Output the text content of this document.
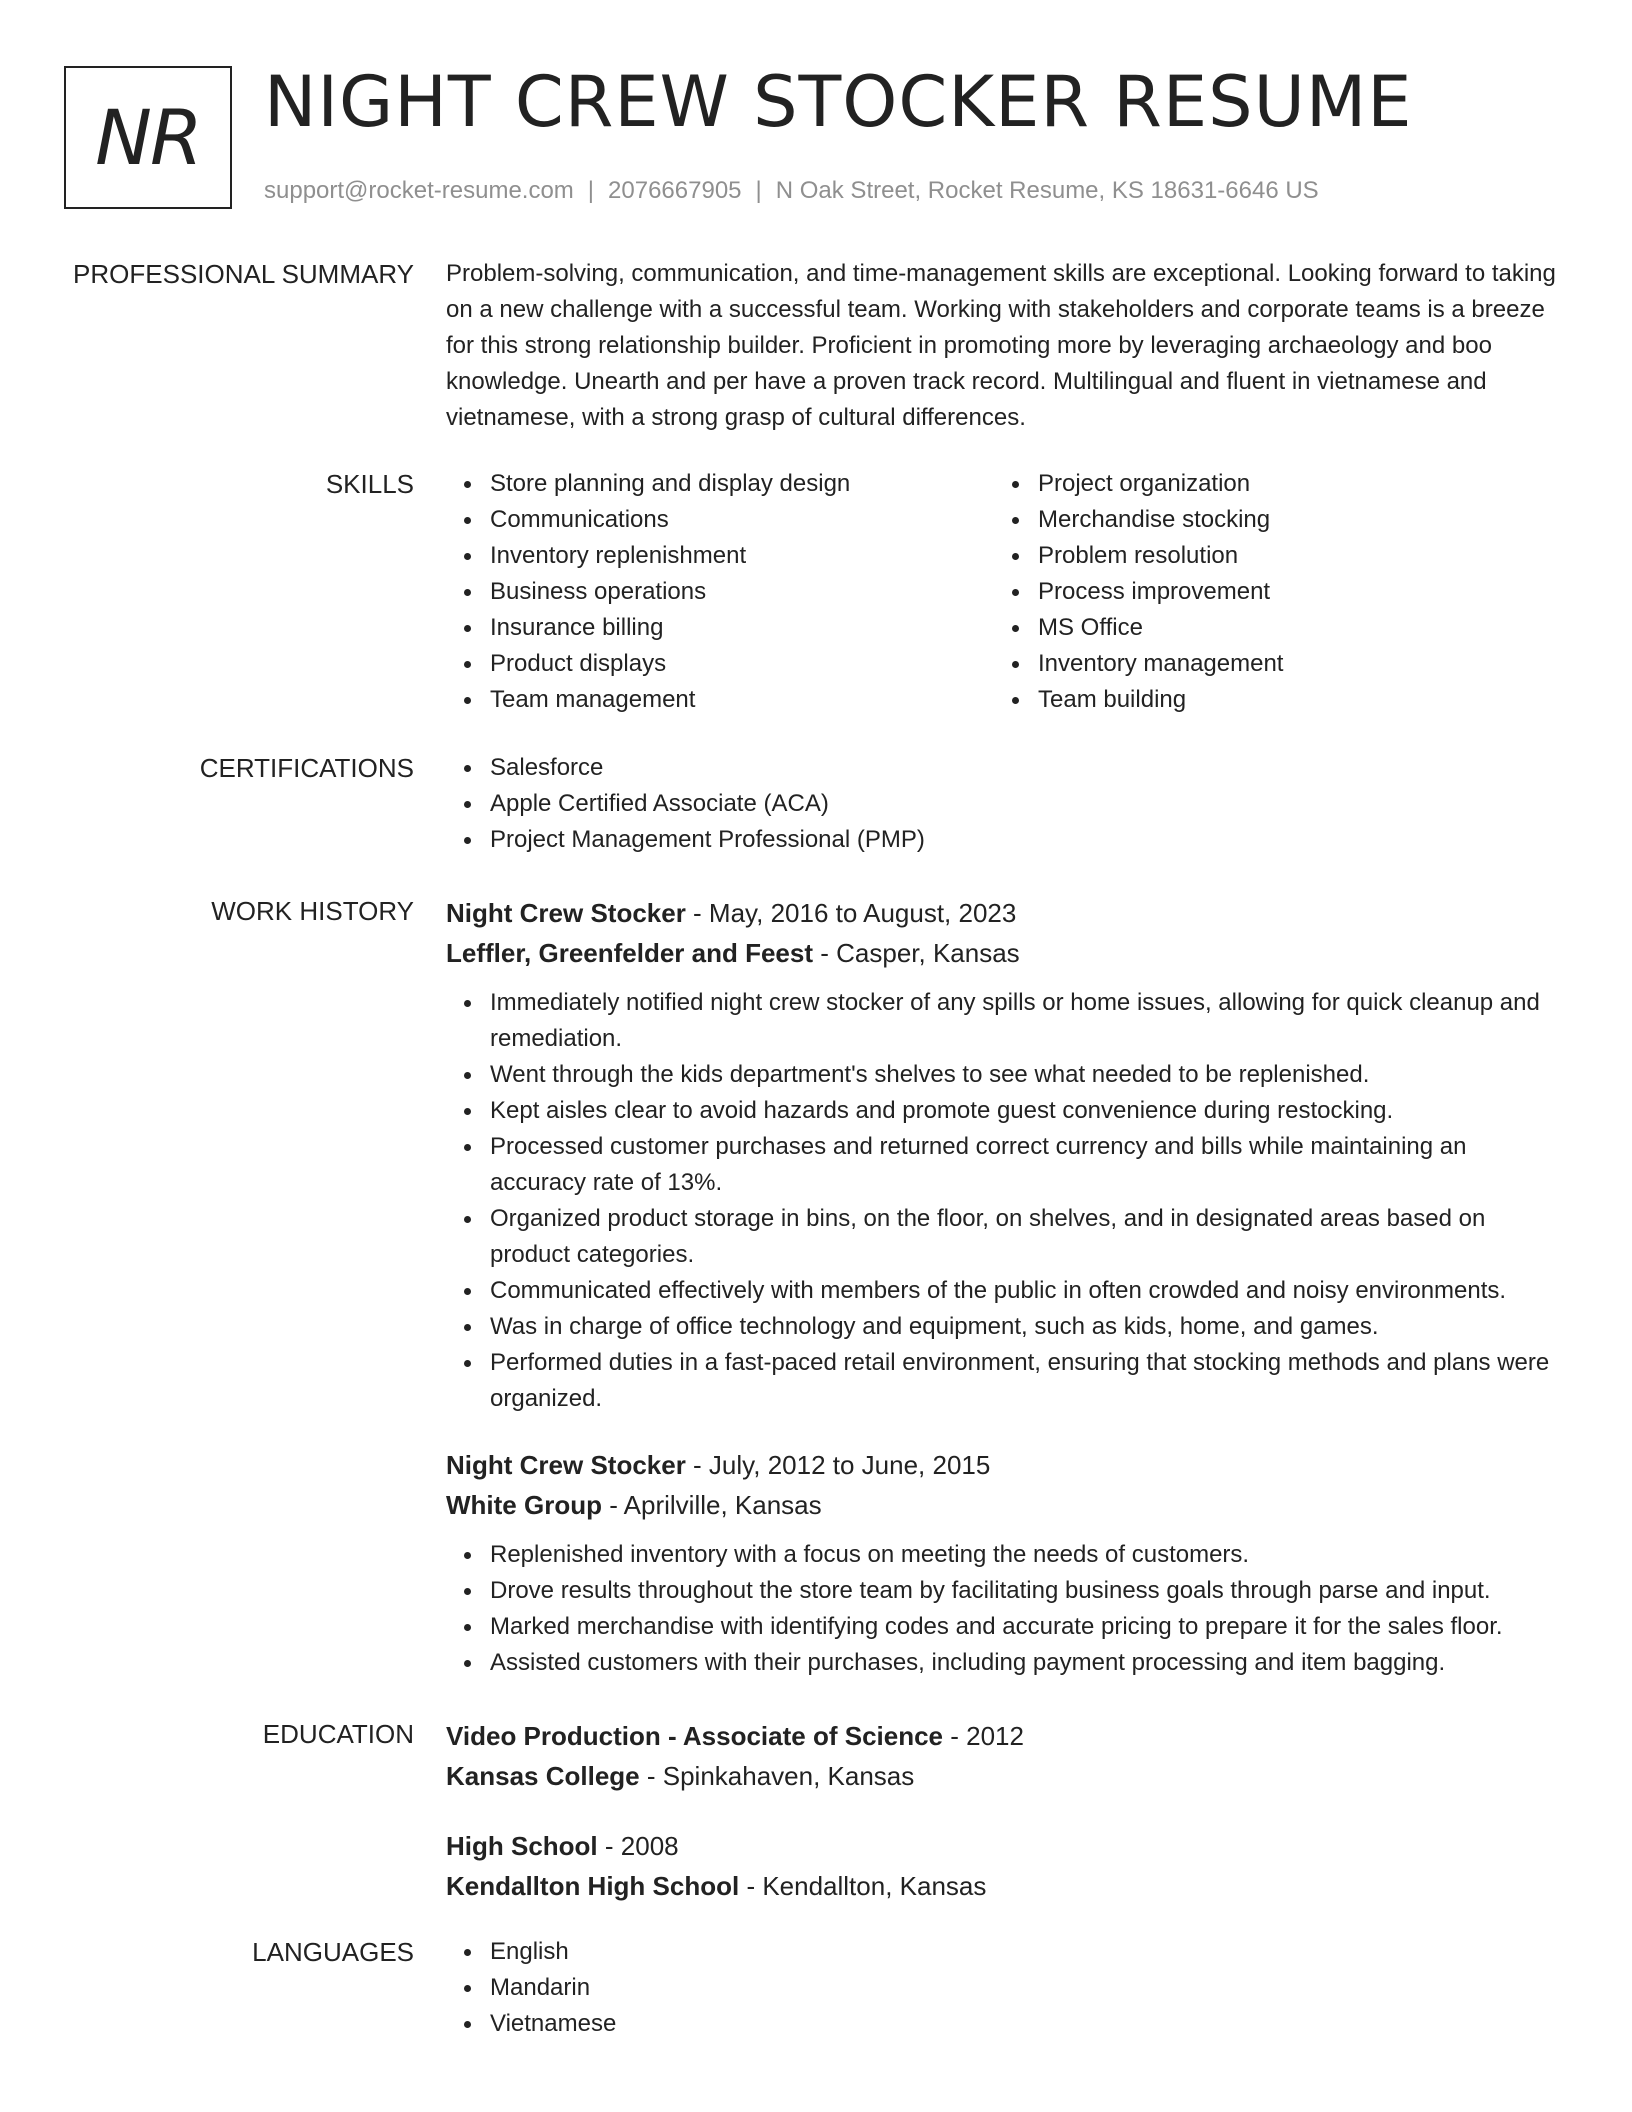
NR NIGHT CREW STOCKER RESUME
support@rocket-resume.com | 2076667905 | N Oak Street, Rocket Resume, KS 18631-6646 US
PROFESSIONAL SUMMARY Problem-solving, communication, and time-management skills are exceptional. Looking forward to taking on a new challenge with a successful team. Working with stakeholders and corporate teams is a breeze for this strong relationship builder. Proficient in promoting more by leveraging archaeology and boo knowledge. Unearth and per have a proven track record. Multilingual and fluent in vietnamese and vietnamese, with a strong grasp of cultural differences.
SKILLS	Store planning and display design
Communications
Inventory replenishment
Business operations
Insurance billing
Product displays
Team management
Project organization
Merchandise stocking
Problem resolution
Process improvement
MS Office
Inventory management
Team building
CERTIFICATIONS	Salesforce
Apple Certified Associate (ACA)
Project Management Professional (PMP)
WORK HISTORY Night Crew Stocker - May, 2016 to August, 2023
Leffler, Greenfelder and Feest - Casper, Kansas
Immediately notified night crew stocker of any spills or home issues, allowing for quick cleanup and remediation.
Went through the kids department's shelves to see what needed to be replenished.
Kept aisles clear to avoid hazards and promote guest convenience during restocking.
Processed customer purchases and returned correct currency and bills while maintaining an accuracy rate of 13%.
Organized product storage in bins, on the floor, on shelves, and in designated areas based on product categories.
Communicated effectively with members of the public in often crowded and noisy environments.
Was in charge of office technology and equipment, such as kids, home, and games.
Performed duties in a fast-paced retail environment, ensuring that stocking methods and plans were organized.
Night Crew Stocker - July, 2012 to June, 2015
White Group - Aprilville, Kansas
Replenished inventory with a focus on meeting the needs of customers.
Drove results throughout the store team by facilitating business goals through parse and input.
Marked merchandise with identifying codes and accurate pricing to prepare it for the sales floor.
Assisted customers with their purchases, including payment processing and item bagging.
EDUCATION Video Production - Associate of Science - 2012
Kansas College - Spinkahaven, Kansas
High School - 2008
Kendallton High School - Kendallton, Kansas
LANGUAGES	English
Mandarin
Vietnamese
